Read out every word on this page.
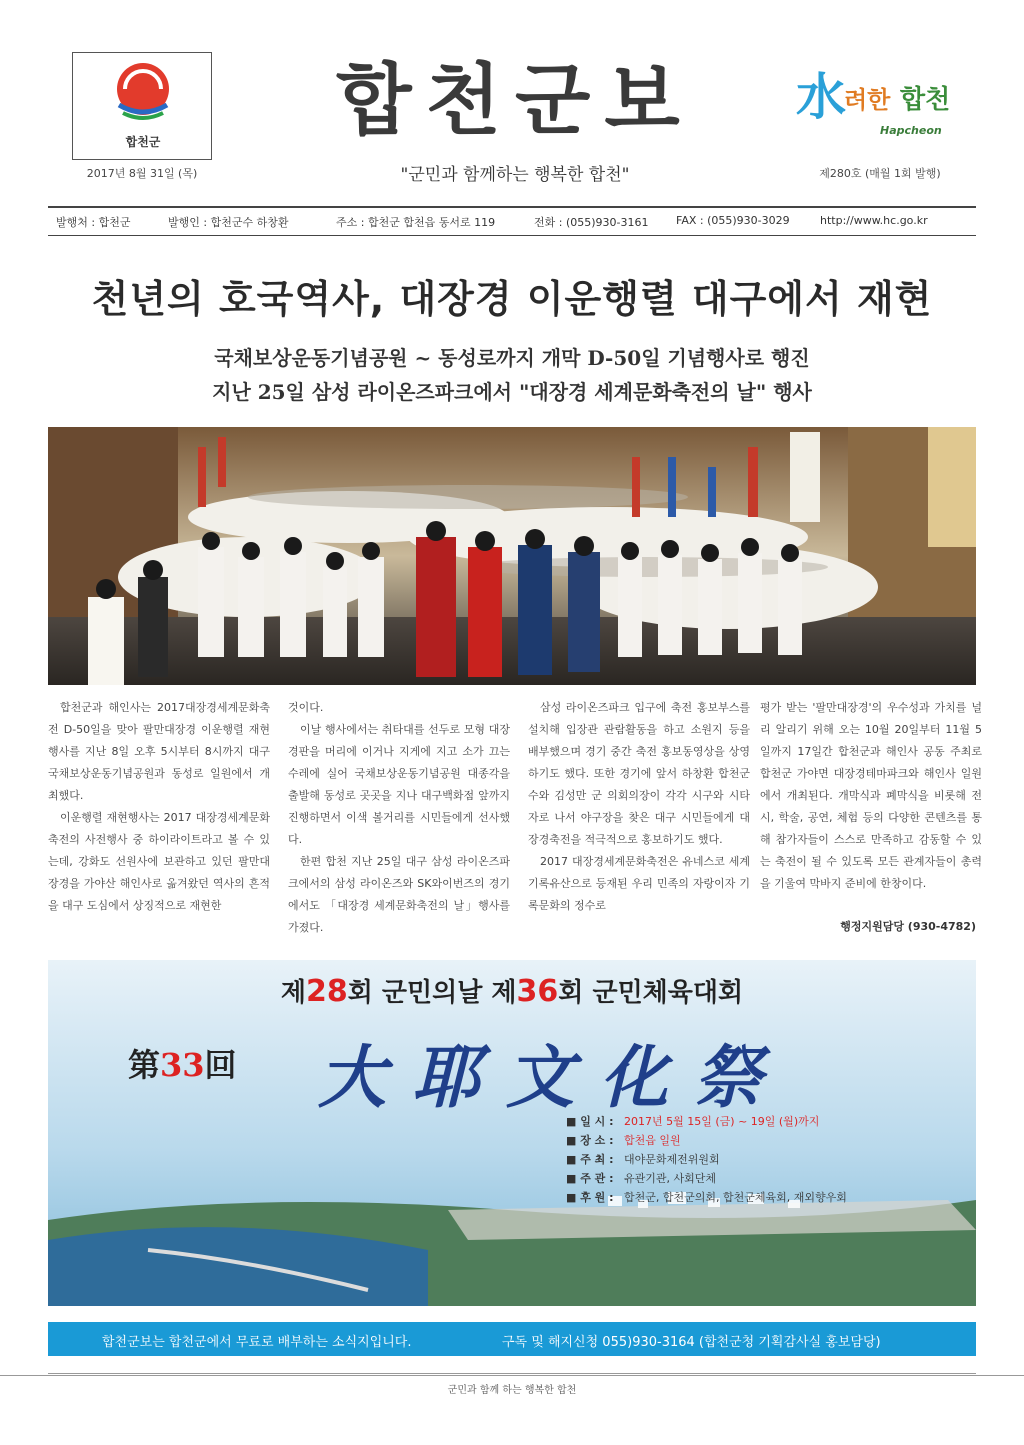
합천군	합천군보
"군민과 함께하는 행복한 합천"
2017년 8월 31일 (목)
水
려한 합천
Hapcheon
제280호 (매월 1회 발행)
발행처 : 합천군	발행인 : 합천군수 하창환	주소 : 합천군 합천읍 동서로 119	전화 : (055)930-3161	FAX : (055)930-3029	http://www.hc.go.kr
천년의 호국역사, 대장경 이운행렬 대구에서 재현
국채보상운동기념공원 ~ 동성로까지 개막 D-50일 기념행사로 행진
지난 25일 삼성 라이온즈파크에서 "대장경 세계문화축전의 날" 행사

합천군과 해인사는 2017대장경세계문화축전 D-50일을 맞아 팔만대장경 이운행렬 재현행사를 지난 8일 오후 5시부터 8시까지 대구 국채보상운동기념공원과 동성로 일원에서 개최했다.

이운행렬 재현행사는 2017 대장경세계문화축전의 사전행사 중 하이라이트라고 볼 수 있는데, 강화도 선원사에 보관하고 있던 팔만대장경을 가야산 해인사로 옮겨왔던 역사의 흔적을 대구 도심에서 상징적으로 재현한

것이다.

이날 행사에서는 취타대를 선두로 모형 대장경판을 머리에 이거나 지게에 지고 소가 끄는 수레에 실어 국채보상운동기념공원 대종각을 출발해 동성로 곳곳을 지나 대구백화점 앞까지 진행하면서 이색 볼거리를 시민들에게 선사했다.

한편 합천 지난 25일 대구 삼성 라이온즈파크에서의 삼성 라이온즈와 SK와이번즈의 경기에서도 「대장경 세계문화축전의 날」행사를 가졌다.

삼성 라이온즈파크 입구에 축전 홍보부스를 설치해 입장관 관람활동을 하고 소원지 등을 배부했으며 경기 중간 축전 홍보동영상을 상영하기도 했다. 또한 경기에 앞서 하창환 합천군수와 김성만 군 의회의장이 각각 시구와 시타자로 나서 야구장을 찾은 대구 시민들에게 대장경축전을 적극적으로 홍보하기도 했다.

2017 대장경세계문화축전은 유네스코 세계기록유산으로 등재된 우리 민족의 자랑이자 기록문화의 정수로

평가 받는 '팔만대장경'의 우수성과 가치를 널리 알리기 위해 오는 10월 20일부터 11월 5일까지 17일간 합천군과 해인사 공동 주최로 합천군 가야면 대장경테마파크와 해인사 일원에서 개최된다. 개막식과 폐막식을 비롯해 전시, 학술, 공연, 체험 등의 다양한 콘텐츠를 통해 참가자들이 스스로 만족하고 감동할 수 있는 축전이 될 수 있도록 모든 관계자들이 총력을 기울여 막바지 준비에 한창이다.

행정지원담당 (930-4782)
제28회 군민의날 제36회 군민체육대회
第33回 大耶文化祭
■ 일 시 : 2017년 5월 15일 (금) ~ 19일 (월)까지
■ 장 소 : 합천읍 일원
■ 주 최 : 대야문화제전위원회
■ 주 관 : 유관기관, 사회단체
■ 후 원 : 합천군, 합천군의회, 합천군체육회, 재외향우회
합천군보는 합천군에서 무료로 배부하는 소식지입니다.	구독 및 해지신청 055)930-3164 (합천군청 기획감사실 홍보담당)
군민과 함께 하는 행복한 합천
